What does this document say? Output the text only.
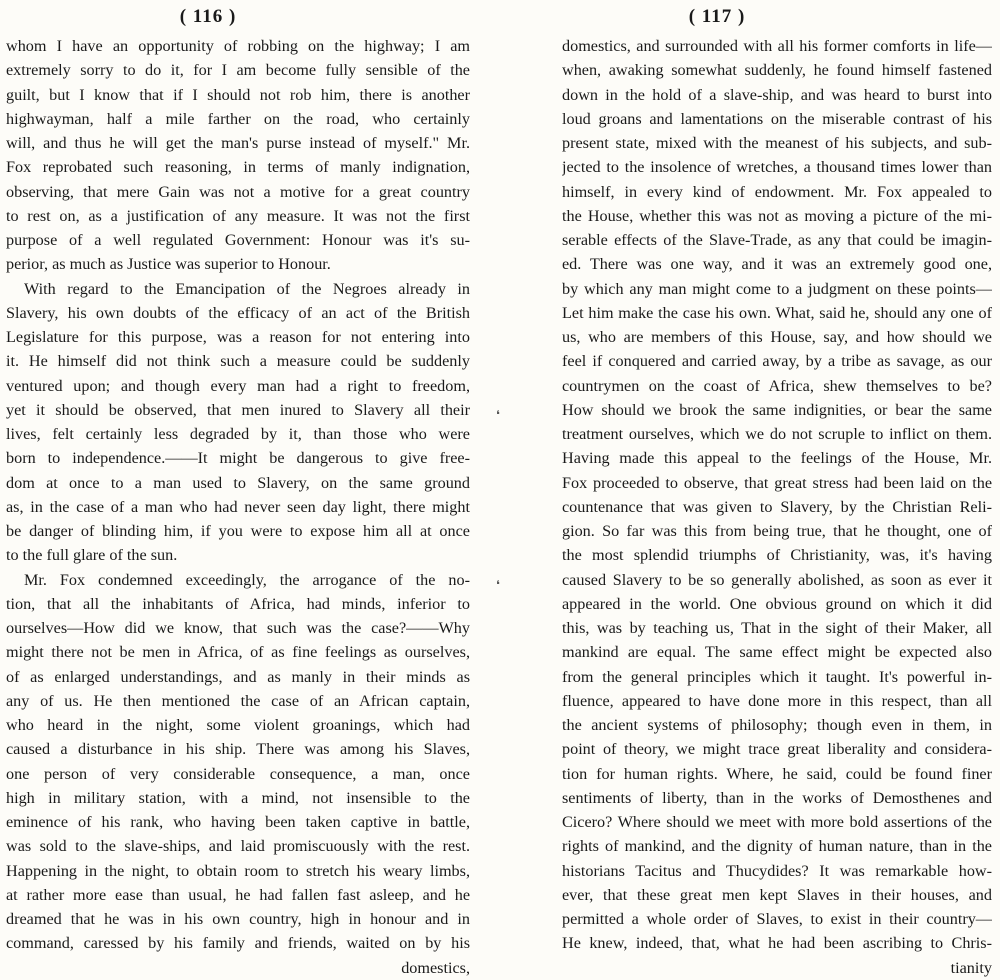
( 116 )
whom I have an opportunity of robbing on the highway; I am
extremely sorry to do it, for I am become fully sensible of the
guilt, but I know that if I should not rob him, there is another
highwayman, half a mile farther on the road, who certainly
will, and thus he will get the man's purse instead of myself." Mr.
Fox reprobated such reasoning, in terms of manly indignation,
observing, that mere Gain was not a motive for a great country
to rest on, as a justification of any measure. It was not the first
purpose of a well regulated Government: Honour was it's su-
perior, as much as Justice was superior to Honour.
With regard to the Emancipation of the Negroes already in
Slavery, his own doubts of the efficacy of an act of the British
Legislature for this purpose, was a reason for not entering into
it. He himself did not think such a measure could be suddenly
ventured upon; and though every man had a right to freedom,
yet it should be observed, that men inured to Slavery all their
lives, felt certainly less degraded by it, than those who were
born to independence.——It might be dangerous to give free-
dom at once to a man used to Slavery, on the same ground
as, in the case of a man who had never seen day light, there might
be danger of blinding him, if you were to expose him all at once
to the full glare of the sun.
Mr. Fox condemned exceedingly, the arrogance of the no-
tion, that all the inhabitants of Africa, had minds, inferior to
ourselves—How did we know, that such was the case?——Why
might there not be men in Africa, of as fine feelings as ourselves,
of as enlarged understandings, and as manly in their minds as
any of us. He then mentioned the case of an African captain,
who heard in the night, some violent groanings, which had
caused a disturbance in his ship. There was among his Slaves,
one person of very considerable consequence, a man, once
high in military station, with a mind, not insensible to the
eminence of his rank, who having been taken captive in battle,
was sold to the slave-ships, and laid promiscuously with the rest.
Happening in the night, to obtain room to stretch his weary limbs,
at rather more ease than usual, he had fallen fast asleep, and he
dreamed that he was in his own country, high in honour and in
command, caressed by his family and friends, waited on by his
domestics,
❛
❛
( 117 )
domestics, and surrounded with all his former comforts in life—
when, awaking somewhat suddenly, he found himself fastened
down in the hold of a slave-ship, and was heard to burst into
loud groans and lamentations on the miserable contrast of his
present state, mixed with the meanest of his subjects, and sub-
jected to the insolence of wretches, a thousand times lower than
himself, in every kind of endowment. Mr. Fox appealed to
the House, whether this was not as moving a picture of the mi-
serable effects of the Slave-Trade, as any that could be imagin-
ed. There was one way, and it was an extremely good one,
by which any man might come to a judgment on these points—
Let him make the case his own. What, said he, should any one of
us, who are members of this House, say, and how should we
feel if conquered and carried away, by a tribe as savage, as our
countrymen on the coast of Africa, shew themselves to be?
How should we brook the same indignities, or bear the same
treatment ourselves, which we do not scruple to inflict on them.
Having made this appeal to the feelings of the House, Mr.
Fox proceeded to observe, that great stress had been laid on the
countenance that was given to Slavery, by the Christian Reli-
gion. So far was this from being true, that he thought, one of
the most splendid triumphs of Christianity, was, it's having
caused Slavery to be so generally abolished, as soon as ever it
appeared in the world. One obvious ground on which it did
this, was by teaching us, That in the sight of their Maker, all
mankind are equal. The same effect might be expected also
from the general principles which it taught. It's powerful in-
fluence, appeared to have done more in this respect, than all
the ancient systems of philosophy; though even in them, in
point of theory, we might trace great liberality and considera-
tion for human rights. Where, he said, could be found finer
sentiments of liberty, than in the works of Demosthenes and
Cicero? Where should we meet with more bold assertions of the
rights of mankind, and the dignity of human nature, than in the
historians Tacitus and Thucydides? It was remarkable how-
ever, that these great men kept Slaves in their houses, and
permitted a whole order of Slaves, to exist in their country—
He knew, indeed, that, what he had been ascribing to Chris-
tianity
